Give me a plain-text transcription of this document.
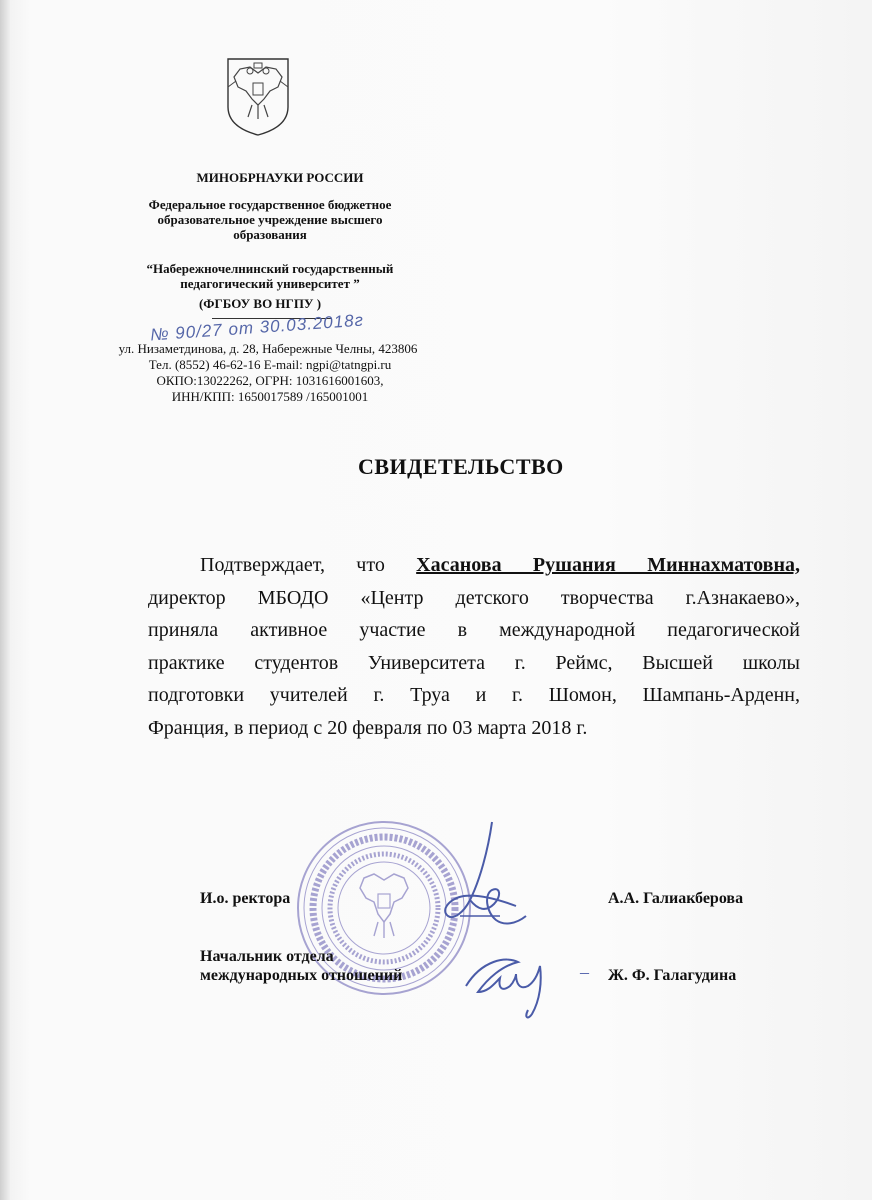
МИНОБРНАУКИ РОССИИ
Федеральное государственное бюджетное
образовательное учреждение высшего
образования
“Набережночелнинский государственный
педагогический университет ”
(ФГБОУ ВО НГПУ )
№ 90/27 от 30.03.2018г
ул. Низаметдинова, д. 28, Набережные Челны, 423806
Тел. (8552) 46-62-16 E-mail: ngpi@tatngpi.ru
ОКПО:13022262, ОГРН: 1031616001603,
ИНН/КПП: 1650017589 /165001001
СВИДЕТЕЛЬСТВО
Подтверждает, что Хасанова Рушания Миннахматовна,
директор МБОДО «Центр детского творчества г.Азнакаево»,
приняла активное участие в международной педагогической
практике студентов Университета г. Реймс, Высшей школы
подготовки учителей г. Труа и г. Шомон, Шампань-Арденн,
Франция, в период с 20 февраля по 03 марта 2018 г.
И.о. ректора	А.А. Галиакберова
Начальник отдела
международных отношений	– Ж. Ф. Галагудина
